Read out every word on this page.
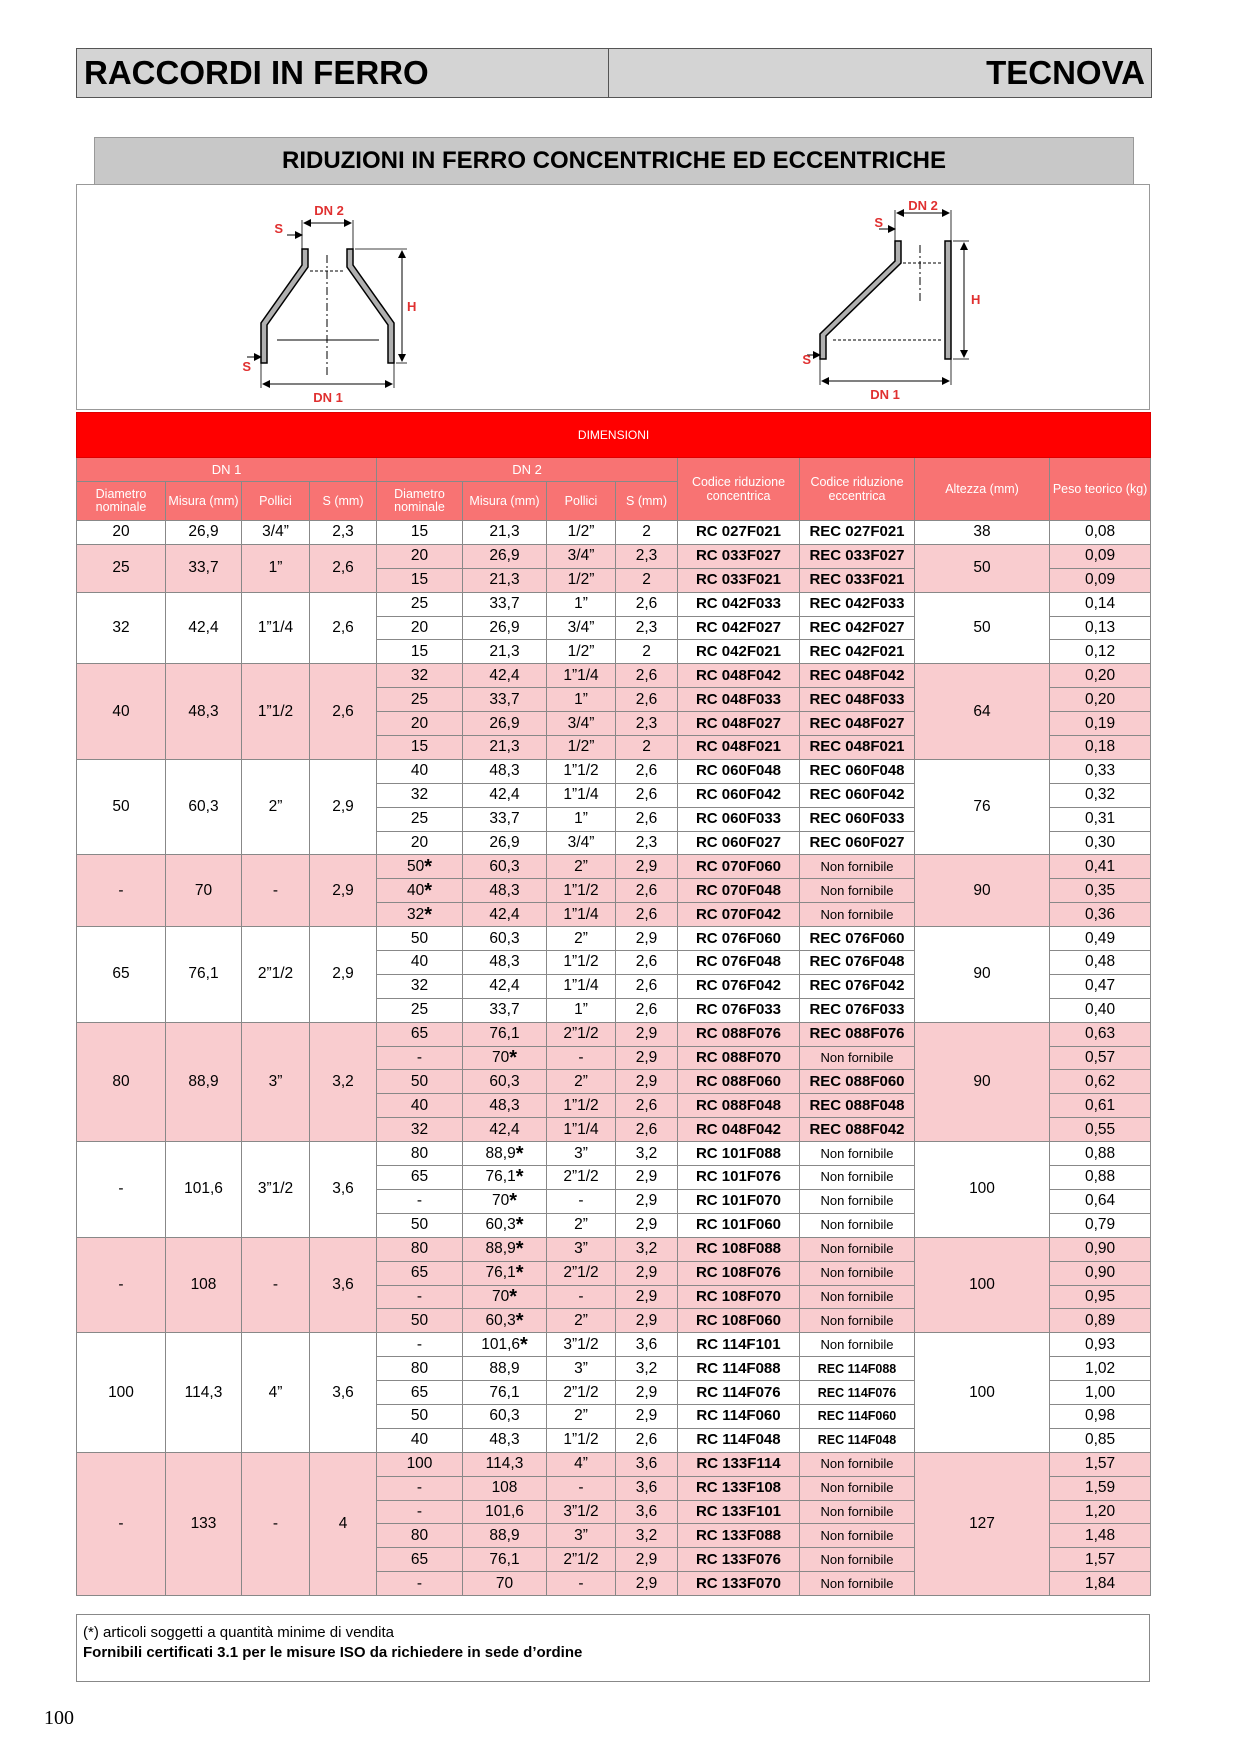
RACCORDI IN FERRO	TECNOVA
RIDUZIONI IN FERRO CONCENTRICHE ED ECCENTRICHE
DN 2
DN 1
H
S
S
DN 2
DN 1
H
S
S
DIMENSIONI											
DN 1				DN 2				Codice riduzione concentrica	Codice riduzione eccentrica	Altezza (mm)	Peso teorico (kg)
Diametro nominale	Misura (mm)	Pollici	S (mm)	Diametro nominale	Misura (mm)	Pollici	S (mm)				
20	26,9	3/4”	2,3	15	21,3	1/2”	2	RC 027F021	REC 027F021	38	0,08
25	33,7	1”	2,6	20	26,9	3/4”	2,3	RC 033F027	REC 033F027	50	0,09
				15	21,3	1/2”	2	RC 033F021	REC 033F021		0,09
32	42,4	1”1/4	2,6	25	33,7	1”	2,6	RC 042F033	REC 042F033	50	0,14
				20	26,9	3/4”	2,3	RC 042F027	REC 042F027		0,13
				15	21,3	1/2”	2	RC 042F021	REC 042F021		0,12
40	48,3	1”1/2	2,6	32	42,4	1”1/4	2,6	RC 048F042	REC 048F042	64	0,20
				25	33,7	1”	2,6	RC 048F033	REC 048F033		0,20
				20	26,9	3/4”	2,3	RC 048F027	REC 048F027		0,19
				15	21,3	1/2”	2	RC 048F021	REC 048F021		0,18
50	60,3	2”	2,9	40	48,3	1”1/2	2,6	RC 060F048	REC 060F048	76	0,33
				32	42,4	1”1/4	2,6	RC 060F042	REC 060F042		0,32
				25	33,7	1”	2,6	RC 060F033	REC 060F033		0,31
				20	26,9	3/4”	2,3	RC 060F027	REC 060F027		0,30
-	70	-	2,9	50*	60,3	2”	2,9	RC 070F060	Non fornibile	90	0,41
				40*	48,3	1”1/2	2,6	RC 070F048	Non fornibile		0,35
				32*	42,4	1”1/4	2,6	RC 070F042	Non fornibile		0,36
65	76,1	2”1/2	2,9	50	60,3	2”	2,9	RC 076F060	REC 076F060	90	0,49
				40	48,3	1”1/2	2,6	RC 076F048	REC 076F048		0,48
				32	42,4	1”1/4	2,6	RC 076F042	REC 076F042		0,47
				25	33,7	1”	2,6	RC 076F033	REC 076F033		0,40
80	88,9	3”	3,2	65	76,1	2”1/2	2,9	RC 088F076	REC 088F076	90	0,63
				-	70*	-	2,9	RC 088F070	Non fornibile		0,57
				50	60,3	2”	2,9	RC 088F060	REC 088F060		0,62
				40	48,3	1”1/2	2,6	RC 088F048	REC 088F048		0,61
				32	42,4	1”1/4	2,6	RC 048F042	REC 088F042		0,55
-	101,6	3”1/2	3,6	80	88,9*	3”	3,2	RC 101F088	Non fornibile	100	0,88
				65	76,1*	2”1/2	2,9	RC 101F076	Non fornibile		0,88
				-	70*	-	2,9	RC 101F070	Non fornibile		0,64
				50	60,3*	2”	2,9	RC 101F060	Non fornibile		0,79
-	108	-	3,6	80	88,9*	3”	3,2	RC 108F088	Non fornibile	100	0,90
				65	76,1*	2”1/2	2,9	RC 108F076	Non fornibile		0,90
				-	70*	-	2,9	RC 108F070	Non fornibile		0,95
				50	60,3*	2”	2,9	RC 108F060	Non fornibile		0,89
100	114,3	4”	3,6	-	101,6*	3”1/2	3,6	RC 114F101	Non fornibile	100	0,93
				80	88,9	3”	3,2	RC 114F088	REC 114F088		1,02
				65	76,1	2”1/2	2,9	RC 114F076	REC 114F076		1,00
				50	60,3	2”	2,9	RC 114F060	REC 114F060		0,98
				40	48,3	1”1/2	2,6	RC 114F048	REC 114F048		0,85
-	133	-	4	100	114,3	4”	3,6	RC 133F114	Non fornibile	127	1,57
				-	108	-	3,6	RC 133F108	Non fornibile		1,59
				-	101,6	3”1/2	3,6	RC 133F101	Non fornibile		1,20
				80	88,9	3”	3,2	RC 133F088	Non fornibile		1,48
				65	76,1	2”1/2	2,9	RC 133F076	Non fornibile		1,57
				-	70	-	2,9	RC 133F070	Non fornibile		1,84
(*) articoli soggetti a quantità minime di vendita
Fornibili certificati 3.1 per le misure ISO da richiedere in sede d’ordine
100
